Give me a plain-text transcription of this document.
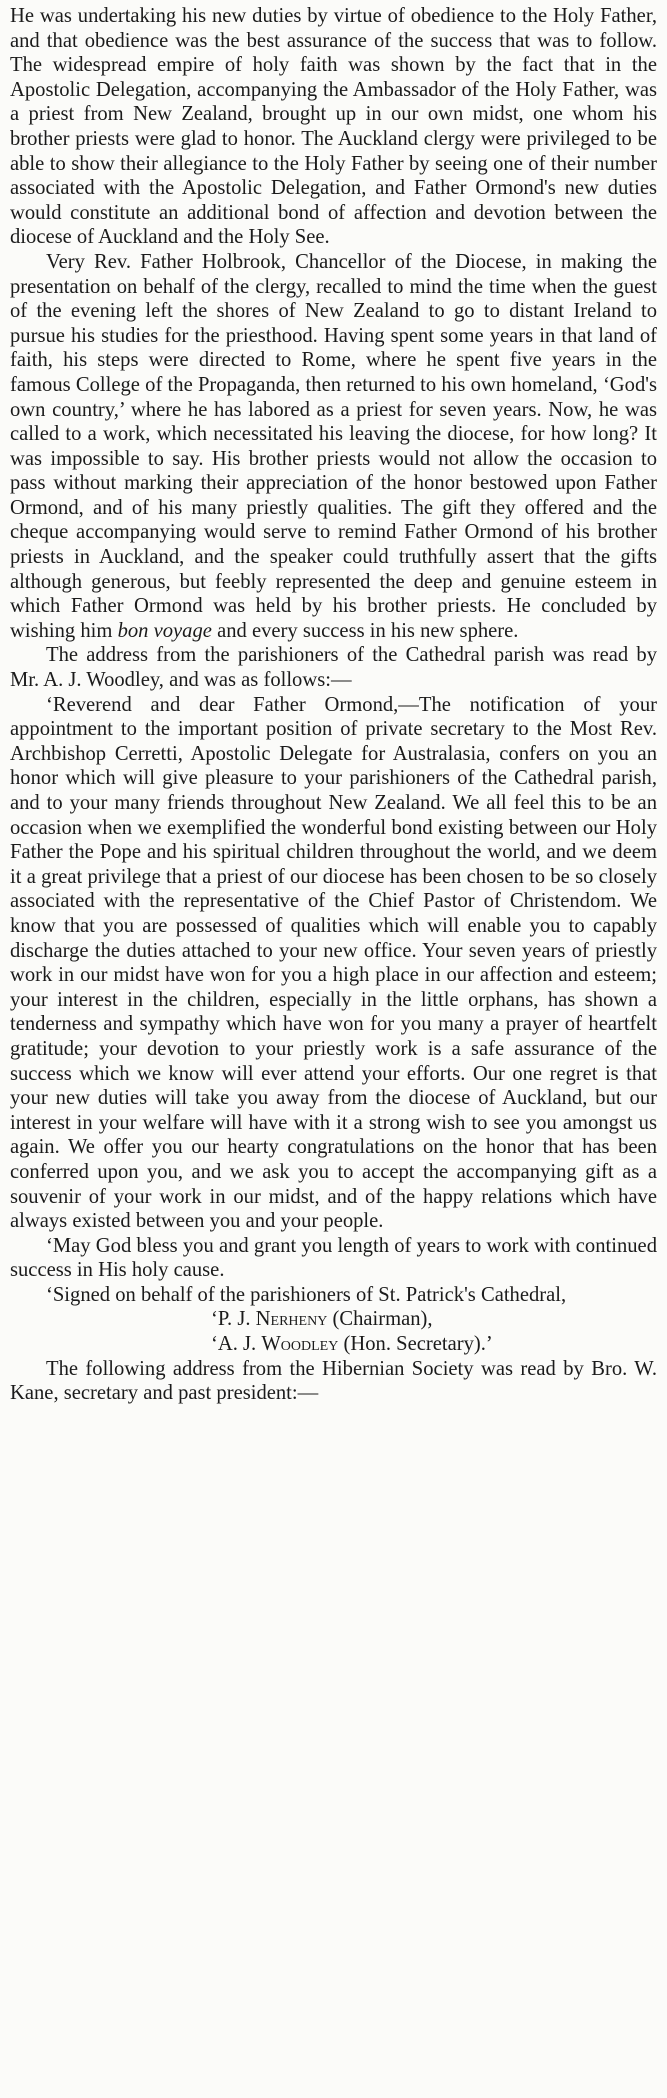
He was undertaking his new duties by virtue of obedience to the Holy Father, and that obedience was the best assurance of the success that was to follow. The widespread empire of holy faith was shown by the fact that in the Apostolic Delegation, accompanying the Ambassador of the Holy Father, was a priest from New Zealand, brought up in our own midst, one whom his brother priests were glad to honor. The Auckland clergy were privileged to be able to show their allegiance to the Holy Father by seeing one of their number associated with the Apostolic Delegation, and Father Ormond's new duties would constitute an additional bond of affection and devotion between the diocese of Auckland and the Holy See.

Very Rev. Father Holbrook, Chancellor of the Diocese, in making the presentation on behalf of the clergy, recalled to mind the time when the guest of the evening left the shores of New Zealand to go to distant Ireland to pursue his studies for the priesthood. Having spent some years in that land of faith, his steps were directed to Rome, where he spent five years in the famous College of the Propaganda, then returned to his own homeland, ‘God's own country,’ where he has labored as a priest for seven years. Now, he was called to a work, which necessitated his leaving the diocese, for how long? It was impossible to say. His brother priests would not allow the occasion to pass without marking their appreciation of the honor bestowed upon Father Ormond, and of his many priestly qualities. The gift they offered and the cheque accompanying would serve to remind Father Ormond of his brother priests in Auckland, and the speaker could truthfully assert that the gifts although generous, but feebly represented the deep and genuine esteem in which Father Ormond was held by his brother priests. He concluded by wishing him bon voyage and every success in his new sphere.

The address from the parishioners of the Cathedral parish was read by Mr. A. J. Woodley, and was as follows:—

‘Reverend and dear Father Ormond,—The notification of your appointment to the important position of private secretary to the Most Rev. Archbishop Cerretti, Apostolic Delegate for Australasia, confers on you an honor which will give pleasure to your parishioners of the Cathedral parish, and to your many friends throughout New Zealand. We all feel this to be an occasion when we exemplified the wonderful bond existing between our Holy Father the Pope and his spiritual children throughout the world, and we deem it a great privilege that a priest of our diocese has been chosen to be so closely associated with the representative of the Chief Pastor of Christendom. We know that you are possessed of qualities which will enable you to capably discharge the duties attached to your new office. Your seven years of priestly work in our midst have won for you a high place in our affection and esteem; your interest in the children, especially in the little orphans, has shown a tenderness and sympathy which have won for you many a prayer of heartfelt gratitude; your devotion to your priestly work is a safe assurance of the success which we know will ever attend your efforts. Our one regret is that your new duties will take you away from the diocese of Auckland, but our interest in your welfare will have with it a strong wish to see you amongst us again. We offer you our hearty congratulations on the honor that has been conferred upon you, and we ask you to accept the accompanying gift as a souvenir of your work in our midst, and of the happy relations which have always existed between you and your people.

‘May God bless you and grant you length of years to work with continued success in His holy cause.

‘Signed on behalf of the parishioners of St. Patrick's Cathedral,

‘P. J. Nerheny (Chairman),

‘A. J. Woodley (Hon. Secretary).’

The following address from the Hibernian Society was read by Bro. W. Kane, secretary and past president:—
